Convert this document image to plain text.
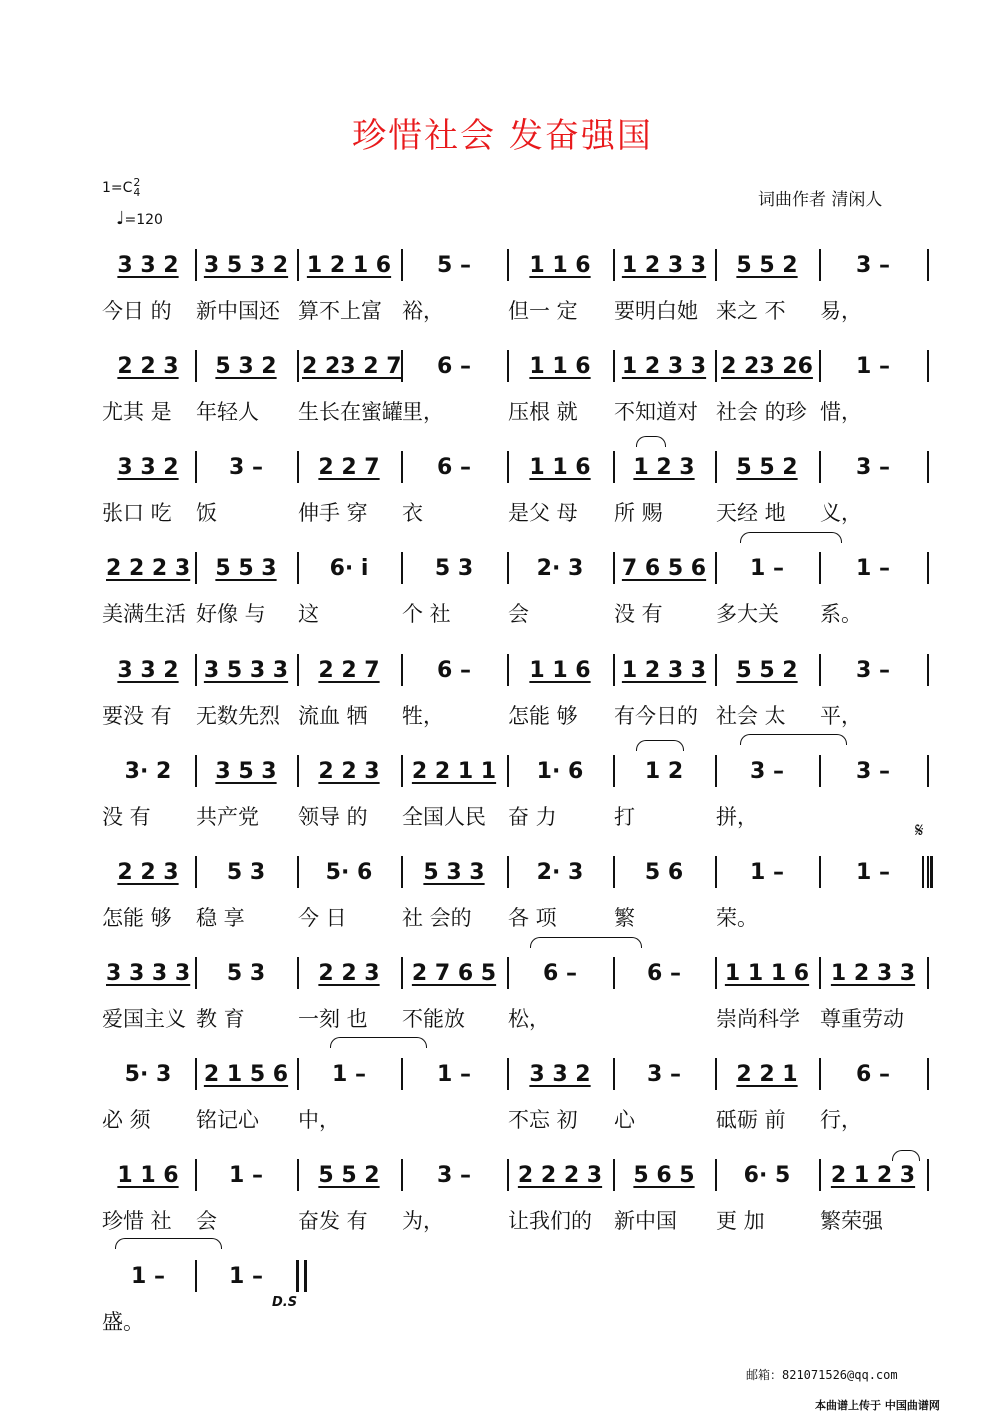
珍惜社会 发奋强国
1=C2
4
♩=120
词曲作者 清闲人
3 3 2
今日 的
3 5 3 2
新中国还
1 2 1 6
算不上富
5 –
裕，
1 1 6
但一 定
1 2 3 3
要明白她
5 5 2
来之 不
3 –
易，
2 2 3
尤其 是
5 3 2
年轻人
2 23 2 7
生长在蜜罐
6 –
里，
1 1 6
压根 就
1 2 3 3
不知道对
2 23 26
社会 的珍
1 –
惜，
3 3 2
张口 吃
3 –
饭
2 2 7
伸手 穿
6 –
衣
1 1 6
是父 母
1 2 3
所 赐
5 5 2
天经 地
3 –
义，
2 2 2 3
美满生活
5 5 3
好像 与
6· i
这
5 3
个 社
2· 3
会
7 6 5 6
没 有
1 –
多大关
1 –
系。
3 3 2
要没 有
3 5 3 3
无数先烈
2 2 7
流血 牺
6 –
牲，
1 1 6
怎能 够
1 2 3 3
有今日的
5 5 2
社会 太
3 –
平，
3· 2
没 有
3 5 3
共产党
2 2 3
领导 的
2 2 1 1
全国人民
1· 6
奋 力
1 2
打
3 –
拼，
3 –
2 2 3
怎能 够
5 3
稳 享
5· 6
今 日
5 3 3
社 会的
2· 3
各 项
5 6
繁
1 –
荣。
1 –
3 3 3 3
爱国主义
5 3
教 育
2 2 3
一刻 也
2 7 6 5
不能放
6 –
松，
6 – 1 1 1 6
崇尚科学
1 2 3 3
尊重劳动
5· 3
必 须
2 1 5 6
铭记心
1 –
中，
1 –	3 3 2
不忘 初
3 –
心
2 2 1
砥砺 前
6 –
行，
1 1 6
珍惜 社
1 –
会
5 5 2
奋发 有
3 –
为，
2 2 2 3
让我们的
5 6 5
新中国
6· 5
更 加
2 1 2 3
繁荣强
1 –
盛。
1 –
𝄋
D.S
邮箱：821071526@qq.com
本曲谱上传于 中国曲谱网
